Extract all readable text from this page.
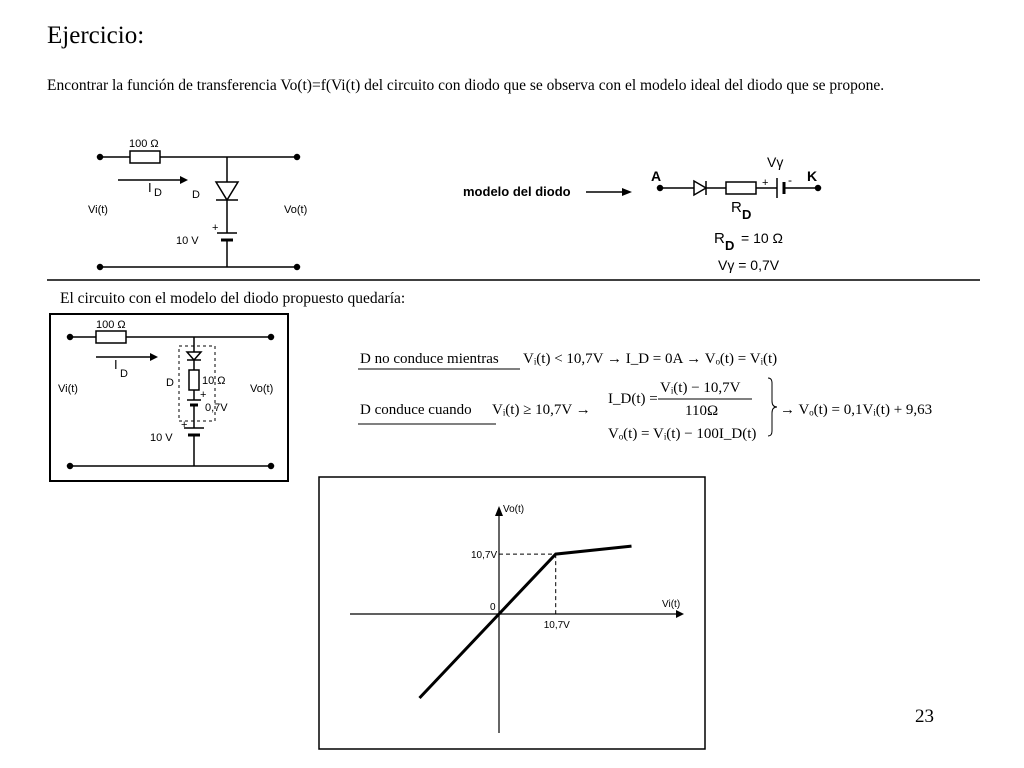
Ejercicio:
Encontrar la función de transferencia Vo(t)=f(Vi(t) del circuito con diodo que se observa con el modelo ideal del diodo que se propone.
100 Ω
I D	D
Vi(t)	Vo(t)
10 V
+
modelo del diodo
A	K
Vγ
+ -
R D
R D = 10 Ω
Vγ = 0,7V
100 Ω
I
D
D	10 Ω
0,7V
Vi(t)	Vo(t)
10 V
+
+
D no conduce mientras Vᵢ(t) < 10,7V → I_D = 0A → Vₒ(t) = Vᵢ(t)
D conduce cuando Vᵢ(t) ≥ 10,7V →
I_D(t) =
Vᵢ(t) − 10,7V
110Ω
Vₒ(t) = Vᵢ(t) − 100I_D(t)
→ Vₒ(t) = 0,1Vᵢ(t) + 9,63
Vo(t)
Vi(t)
0
10,7V
10,7V
El circuito con el modelo del diodo propuesto quedaría:
23
